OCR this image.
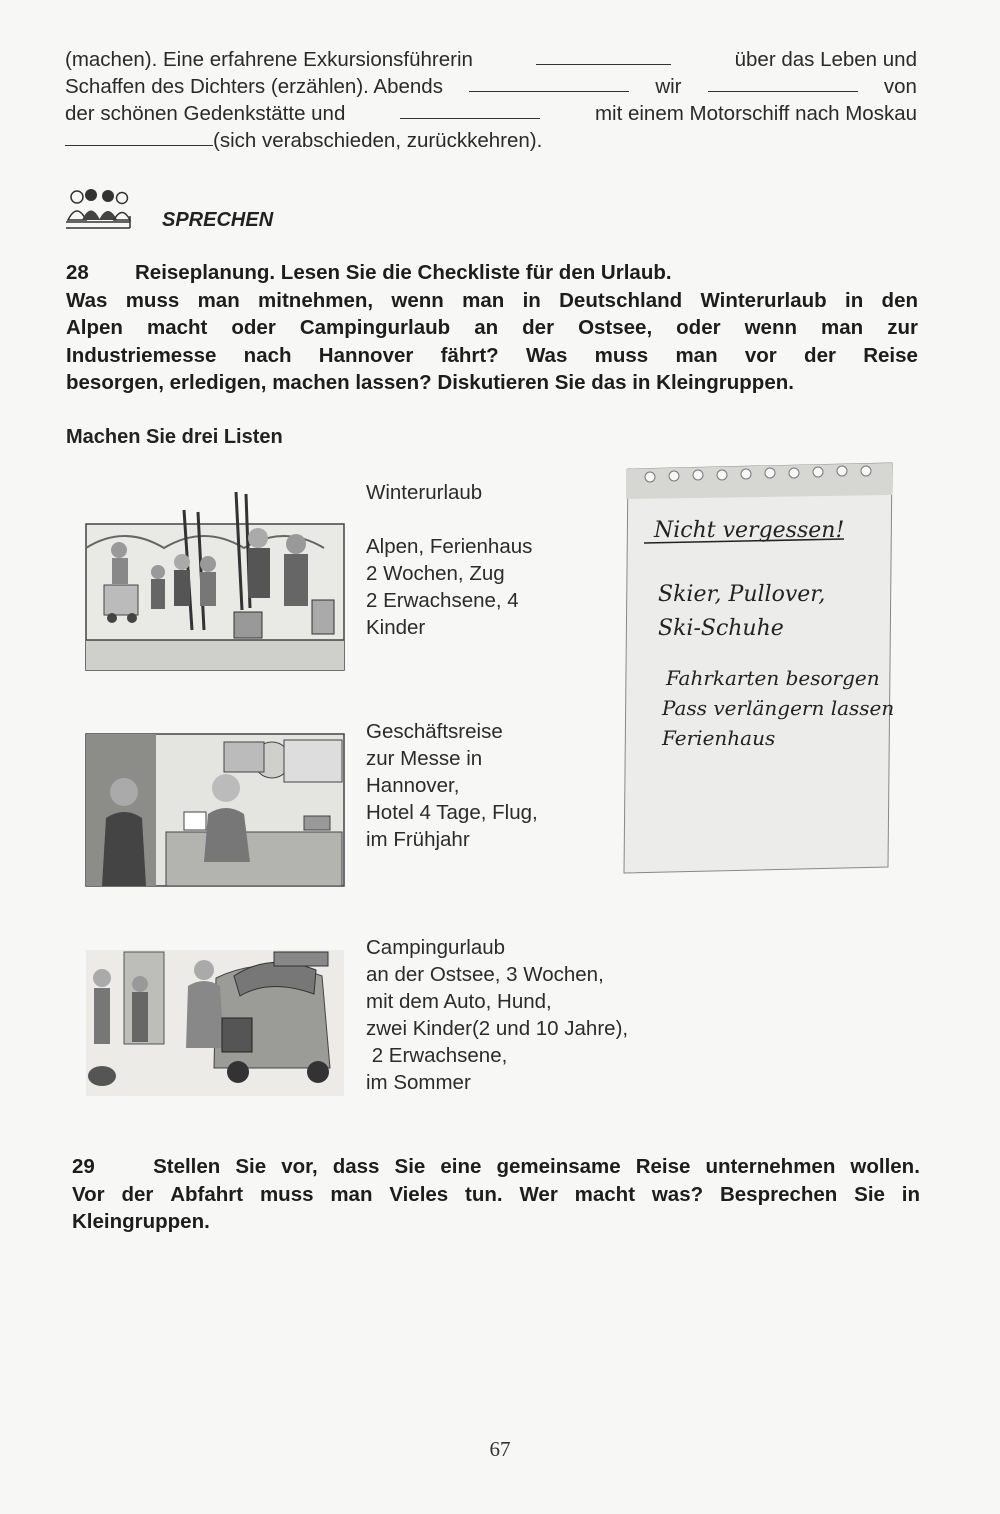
(machen). Eine erfahrene Exkursionsführerin	über das Leben und
Schaffen des Dichters (erzählen). Abends	wir	von
der schönen Gedenkstätte und	mit einem Motorschiff nach Moskau
(sich verabschieden, zurückkehren).
SPRECHEN
28	Reiseplanung. Lesen Sie die Checkliste für den Urlaub.
Was muss man mitnehmen, wenn man in Deutschland Winterurlaub in den
Alpen macht oder Campingurlaub an der Ostsee, oder wenn man zur
Industriemesse nach Hannover fährt? Was muss man vor der Reise
besorgen, erledigen, machen lassen? Diskutieren Sie das in Kleingruppen.
Machen Sie drei Listen
Winterurlaub
Alpen, Ferienhaus
2 Wochen, Zug
2 Erwachsene, 4
Kinder
Geschäftsreise
zur Messe in
Hannover,
Hotel 4 Tage, Flug,
im Frühjahr
Campingurlaub
an der Ostsee, 3 Wochen,
mit dem Auto, Hund,
zwei Kinder(2 und 10 Jahre),
2 Erwachsene,
im Sommer
Nicht vergessen!
Skier, Pullover,
Ski-Schuhe
Fahrkarten besorgen
Pass verlängern lassen
Ferienhaus
29	Stellen Sie vor, dass Sie eine gemeinsame Reise unternehmen wollen.
Vor der Abfahrt muss man Vieles tun. Wer macht was? Besprechen Sie in
Kleingruppen.
67
